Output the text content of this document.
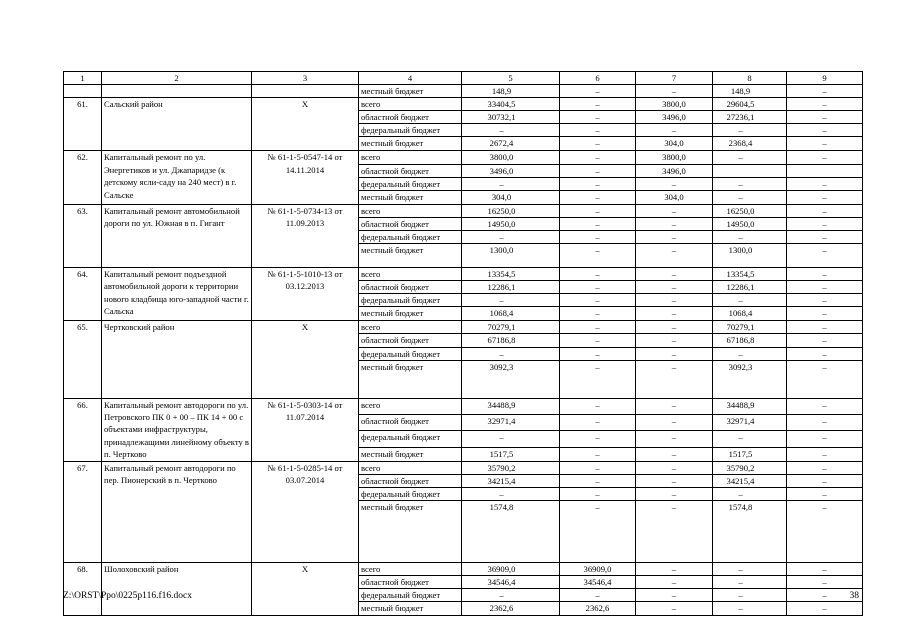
1	2	3	4	5	6	7	8	9
			местный бюджет	148,9	–	–	148,9	–
61.	Сальский район	Х	всего	33404,5	–	3800,0	29604,5	–
			областной бюджет	30732,1	–	3496,0	27236,1	–
			федеральный бюджет	–	–	–	–	–
			местный бюджет	2672,4	–	304,0	2368,4	–
62.	Капитальный ремонт по ул. Энергетиков и ул. Джапаридзе (к детскому ясли-саду на 240 мест) в г. Сальске	№ 61-1-5-0547-14 от 14.11.2014	всего	3800,0	–	3800,0	–	–
			областной бюджет	3496,0	–	3496,0		
			федеральный бюджет	–	–	–	–	–
			местный бюджет	304,0	–	304,0	–	–
63.	Капитальный ремонт автомобильной дороги по ул. Южная в п. Гигант	№ 61-1-5-0734-13 от 11.09.2013	всего	16250,0	–	–	16250,0	–
			областной бюджет	14950,0	–	–	14950,0	–
			федеральный бюджет	–	–	–	–	–
			местный бюджет	1300,0	–	–	1300,0	–
64.	Капитальный ремонт подъездной автомобильной дороги к территории нового кладбища юго-западной части г. Сальска	№ 61-1-5-1010-13 от 03.12.2013	всего	13354,5	–	–	13354,5	–
			областной бюджет	12286,1	–	–	12286,1	–
			федеральный бюджет	–	–	–	–	–
			местный бюджет	1068,4	–	–	1068,4	–
65.	Чертковский район	Х	всего	70279,1	–	–	70279,1	–
			областной бюджет	67186,8	–	–	67186,8	–
			федеральный бюджет	–	–	–	–	–
			местный бюджет	3092,3	–	–	3092,3	–
66.	Капитальный ремонт автодороги по ул. Петровского ПК 0 + 00 – ПК 14 + 00 с объектами инфраструктуры, принадлежащими линейному объекту в п. Чертково	№ 61-1-5-0303-14 от 11.07.2014	всего	34488,9	–	–	34488,9	–
			областной бюджет	32971,4	–	–	32971,4	–
			федеральный бюджет	–	–	–	–	–
			местный бюджет	1517,5	–	–	1517,5	–
67.	Капитальный ремонт автодороги по пер. Пионерский в п. Чертково	№ 61-1-5-0285-14 от 03.07.2014	всего	35790,2	–	–	35790,2	–
			областной бюджет	34215,4	–	–	34215,4	–
			федеральный бюджет	–	–	–	–	–
			местный бюджет	1574,8	–	–	1574,8	–
68.	Шолоховский район	Х	всего	36909,0	36909,0	–	–	–
			областной бюджет	34546,4	34546,4	–	–	–
			федеральный бюджет	–	–	–	–	–
			местный бюджет	2362,6	2362,6	–	–	–
Z:\ORST\Ppo\0225p116.f16.docx	38
